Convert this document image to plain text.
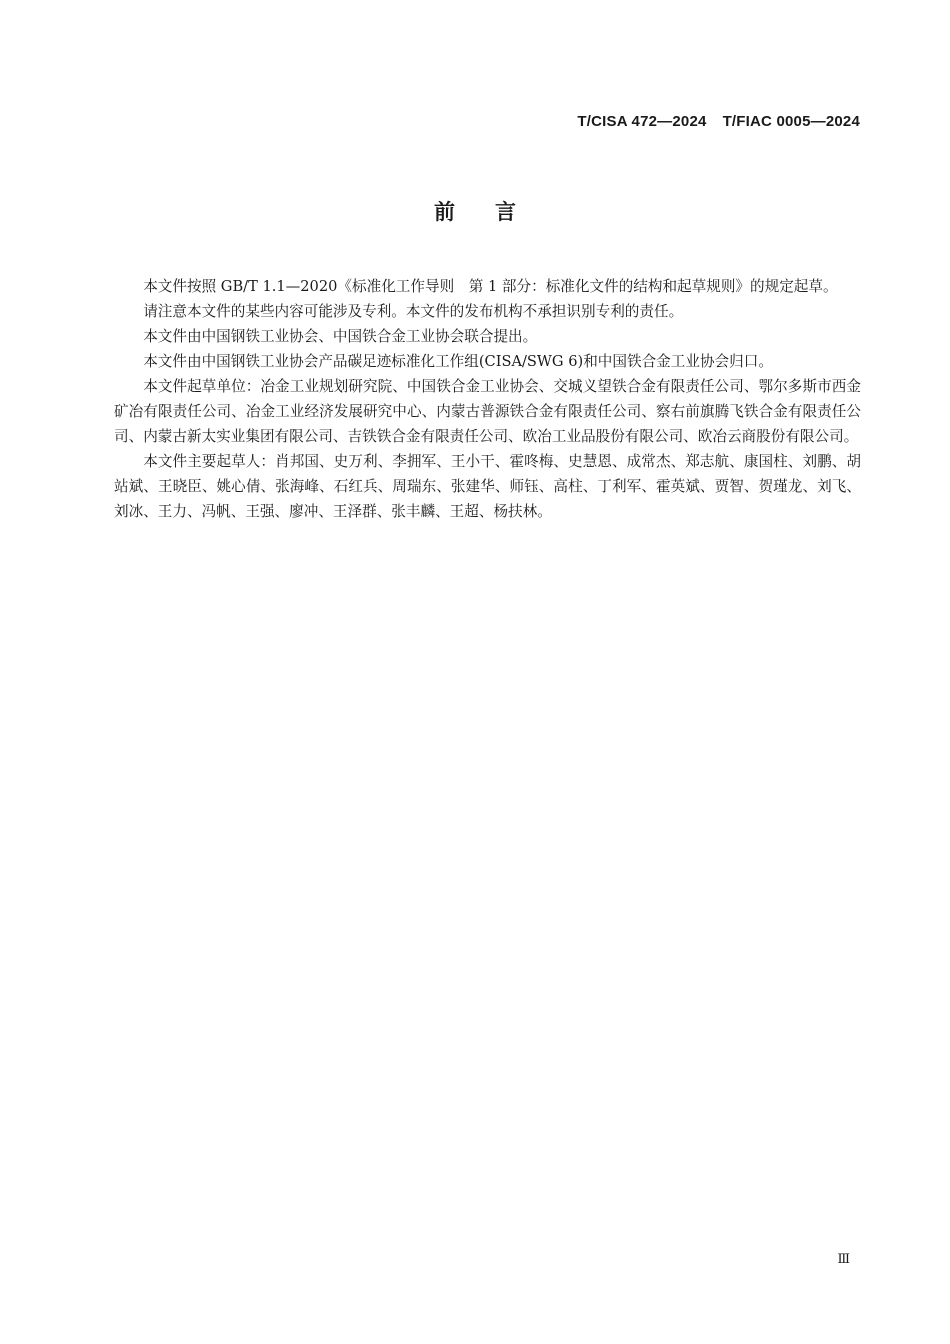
T/CISA 472—2024 T/FIAC 0005—2024
前言

本文件按照 GB/T 1.1—2020《标准化工作导则　第 1 部分：标准化文件的结构和起草规则》的规定起草。

请注意本文件的某些内容可能涉及专利。本文件的发布机构不承担识别专利的责任。

本文件由中国钢铁工业协会、中国铁合金工业协会联合提出。

本文件由中国钢铁工业协会产品碳足迹标准化工作组(CISA/SWG 6)和中国铁合金工业协会归口。

本文件起草单位：冶金工业规划研究院、中国铁合金工业协会、交城义望铁合金有限责任公司、鄂尔多斯市西金矿冶有限责任公司、冶金工业经济发展研究中心、内蒙古普源铁合金有限责任公司、察右前旗腾飞铁合金有限责任公司、内蒙古新太实业集团有限公司、吉铁铁合金有限责任公司、欧冶工业品股份有限公司、欧冶云商股份有限公司。

本文件主要起草人：肖邦国、史万利、李拥军、王小干、霍咚梅、史慧恩、成常杰、郑志航、康国柱、刘鹏、胡站斌、王晓臣、姚心倩、张海峰、石红兵、周瑞东、张建华、师钰、高柱、丁利军、霍英斌、贾智、贺瑾龙、刘飞、刘冰、王力、冯帆、王强、廖冲、王泽群、张丰麟、王超、杨扶林。

Ⅲ
